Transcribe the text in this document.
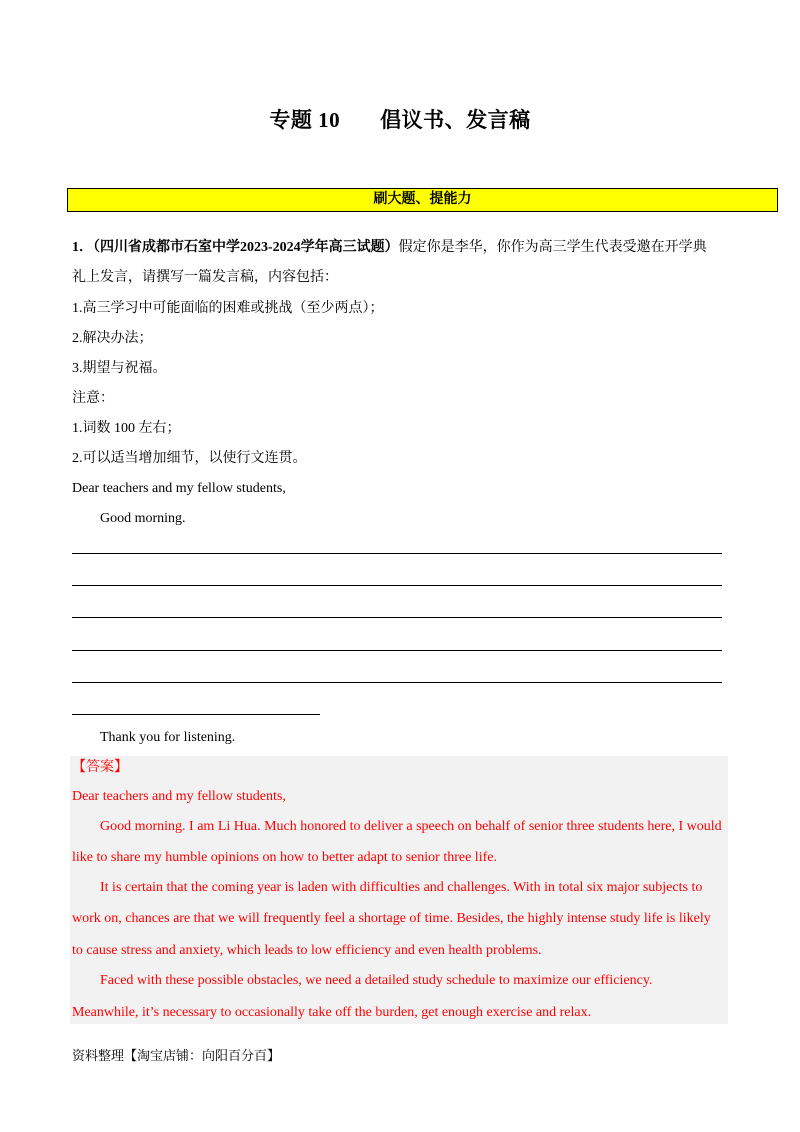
专题 10 倡议书、发言稿
刷大题、提能力
1．（四川省成都市石室中学2023-2024学年高三试题）假定你是李华，你作为高三学生代表受邀在开学典
礼上发言，请撰写一篇发言稿，内容包括：
1.高三学习中可能面临的困难或挑战（至少两点）；
2.解决办法；
3.期望与祝福。
注意：
1.词数 100 左右；
2.可以适当增加细节，以使行文连贯。
Dear teachers and my fellow students,
Good morning.
Thank you for listening.
【答案】
Dear teachers and my fellow students,
Good morning. I am Li Hua. Much honored to deliver a speech on behalf of senior three students here, I would
like to share my humble opinions on how to better adapt to senior three life.
It is certain that the coming year is laden with difficulties and challenges. With in total six major subjects to
work on, chances are that we will frequently feel a shortage of time. Besides, the highly intense study life is likely
to cause stress and anxiety, which leads to low efficiency and even health problems.
Faced with these possible obstacles, we need a detailed study schedule to maximize our efficiency.
Meanwhile, it’s necessary to occasionally take off the burden, get enough exercise and relax.
资料整理【淘宝店铺：向阳百分百】
